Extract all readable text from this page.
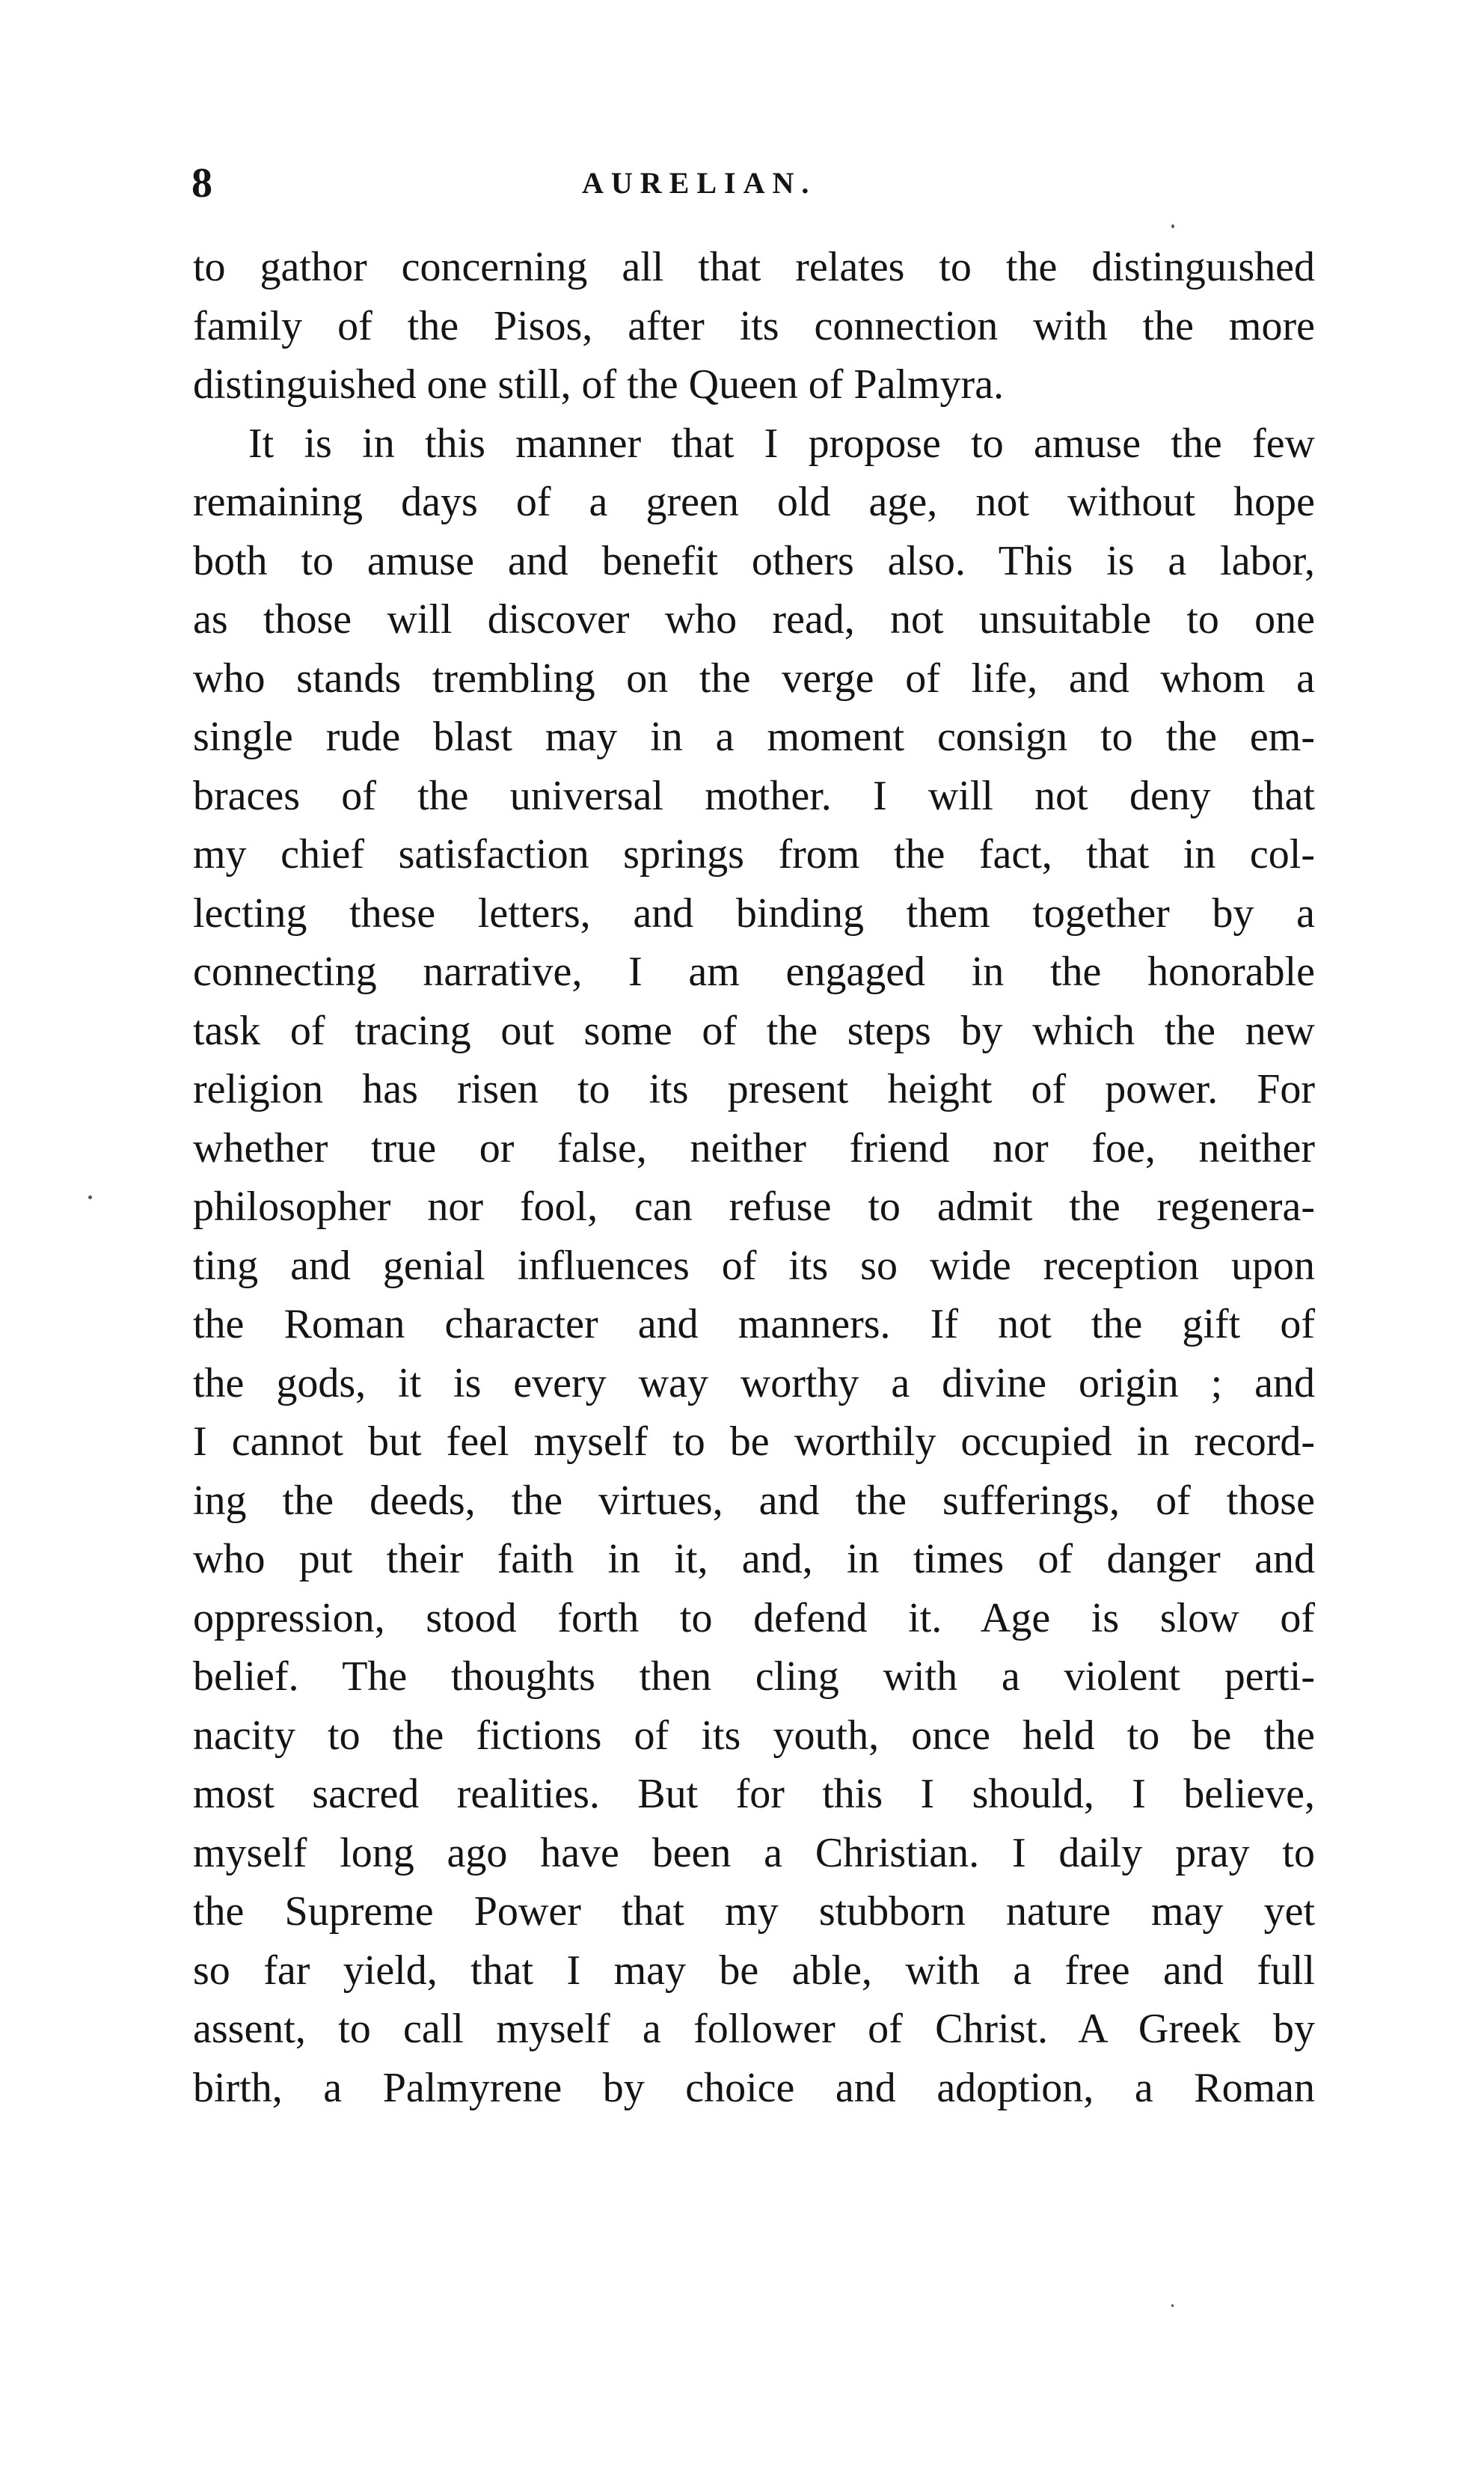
8	AURELIAN.
to gathor concerning all that relates to the distinguıshed
family of the Pisos, after its connection with the more
distinguished one still, of the Queen of Palmyra.
It is in this manner that I propose to amuse the few
remaining days of a green old age, not without hope
both to amuse and benefit others also. This is a labor,
as those will discover who read, not unsuitable to one
who stands trembling on the verge of life, and whom a
single rude blast may in a moment consign to the em-
braces of the universal mother. I will not deny that
my chief satisfaction springs from the fact, that in col-
lecting these letters, and binding them together by a
connecting narrative, I am engaged in the honorable
task of tracing out some of the steps by which the new
religion has risen to its present height of power. For
whether true or false, neither friend nor foe, neither
philosopher nor fool, can refuse to admit the regenera-
ting and genial influences of its so wide reception upon
the Roman character and manners. If not the gift of
the gods, it is every way worthy a divine origin ; and
I cannot but feel myself to be worthily occupied in record-
ing the deeds, the virtues, and the sufferings, of those
who put their faith in it, and, in times of danger and
oppression, stood forth to defend it. Age is slow of
belief. The thoughts then cling with a violent perti-
nacity to the fictions of its youth, once held to be the
most sacred realities. But for this I should, I believe,
myself long ago have been a Christian. I daily pray to
the Supreme Power that my stubborn nature may yet
so far yield, that I may be able, with a free and full
assent, to call myself a follower of Christ. A Greek by
birth, a Palmyrene by choice and adoption, a Roman
